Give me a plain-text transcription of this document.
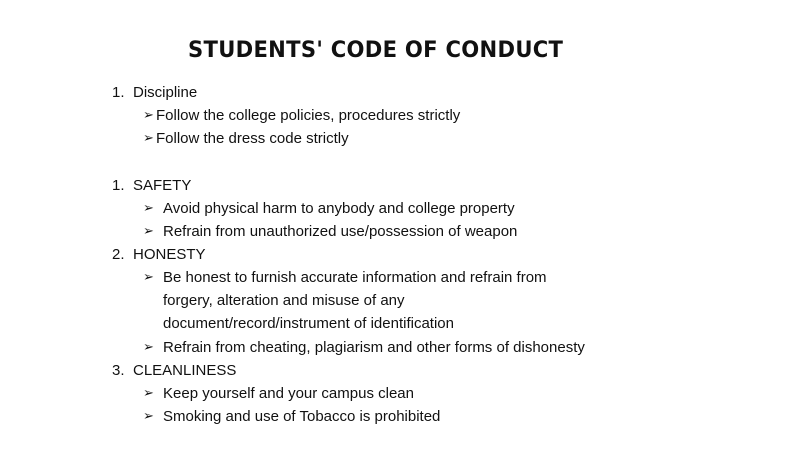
STUDENTS' CODE OF CONDUCT
1. Discipline
➢ Follow the college policies, procedures strictly
➢ Follow the dress code strictly
1. SAFETY
➢ Avoid physical harm to anybody and college property
➢ Refrain from unauthorized use/possession of weapon
2. HONESTY
➢ Be honest to furnish accurate information and refrain from
forgery, alteration and misuse of any
document/record/instrument of identification
➢ Refrain from cheating, plagiarism and other forms of dishonesty
3. CLEANLINESS
➢ Keep yourself and your campus clean
➢ Smoking and use of Tobacco is prohibited
